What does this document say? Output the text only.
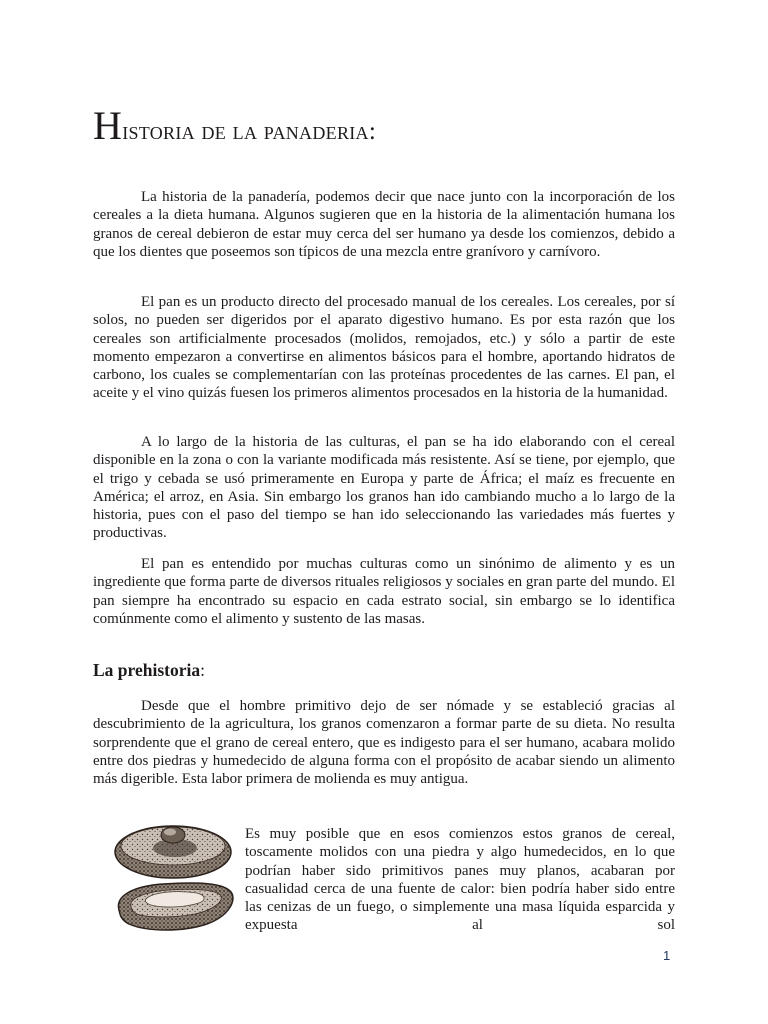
Historia de la panaderia:

La historia de la panadería, podemos decir que nace junto con la incorporación de los cereales a la dieta humana. Algunos sugieren que en la historia de la alimentación humana los granos de cereal debieron de estar muy cerca del ser humano ya desde los comienzos, debido a que los dientes que poseemos son típicos de una mezcla entre granívoro y carnívoro.

El pan es un producto directo del procesado manual de los cereales. Los cereales, por sí solos, no pueden ser digeridos por el aparato digestivo humano. Es por esta razón que los cereales son artificialmente procesados (molidos, remojados, etc.) y sólo a partir de este momento empezaron a convertirse en alimentos básicos para el hombre, aportando hidratos de carbono, los cuales se complementarían con las proteínas procedentes de las carnes. El pan, el aceite y el vino quizás fuesen los primeros alimentos procesados en la historia de la humanidad.

A lo largo de la historia de las culturas, el pan se ha ido elaborando con el cereal disponible en la zona o con la variante modificada más resistente. Así se tiene, por ejemplo, que el trigo y cebada se usó primeramente en Europa y parte de África; el maíz es frecuente en América; el arroz, en Asia. Sin embargo los granos han ido cambiando mucho a lo largo de la historia, pues con el paso del tiempo se han ido seleccionando las variedades más fuertes y productivas.

El pan es entendido por muchas culturas como un sinónimo de alimento y es un ingrediente que forma parte de diversos rituales religiosos y sociales en gran parte del mundo. El pan siempre ha encontrado su espacio en cada estrato social, sin embargo se lo identifica comúnmente como el alimento y sustento de las masas.

La prehistoria:

Desde que el hombre primitivo dejo de ser nómade y se estableció gracias al descubrimiento de la agricultura, los granos comenzaron a formar parte de su dieta. No resulta sorprendente que el grano de cereal entero, que es indigesto para el ser humano, acabara molido entre dos piedras y humedecido de alguna forma con el propósito de acabar siendo un alimento más digerible. Esta labor primera de molienda es muy antigua.

Es muy posible que en esos comienzos estos granos de cereal, toscamente molidos con una piedra y algo humedecidos, en lo que podrían haber sido primitivos panes muy planos, acabaran por casualidad cerca de una fuente de calor: bien podría haber sido entre las cenizas de un fuego, o simplemente una masa líquida esparcida y expuesta al sol

1
